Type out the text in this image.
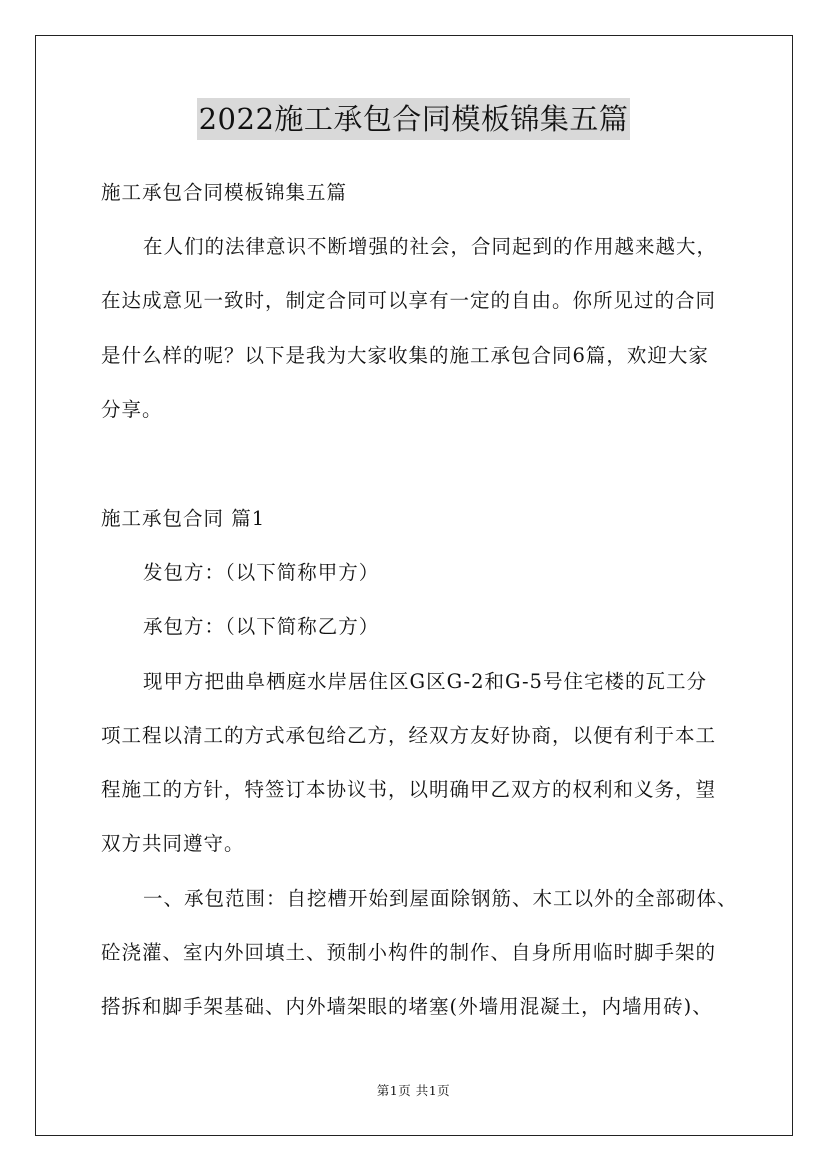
2022施工承包合同模板锦集五篇
施工承包合同模板锦集五篇
在人们的法律意识不断增强的社会，合同起到的作用越来越大，
在达成意见一致时，制定合同可以享有一定的自由。你所见过的合同
是什么样的呢？以下是我为大家收集的施工承包合同6篇，欢迎大家
分享。
施工承包合同 篇1
发包方：（以下简称甲方）
承包方：（以下简称乙方）
现甲方把曲阜栖庭水岸居住区G区G-2和G-5号住宅楼的瓦工分
项工程以清工的方式承包给乙方，经双方友好协商，以便有利于本工
程施工的方针，特签订本协议书，以明确甲乙双方的权利和义务，望
双方共同遵守。
一、承包范围：自挖槽开始到屋面除钢筋、木工以外的全部砌体、
砼浇灌、室内外回填土、预制小构件的制作、自身所用临时脚手架的
搭拆和脚手架基础、内外墙架眼的堵塞(外墙用混凝土，内墙用砖)、
第1页 共1页
